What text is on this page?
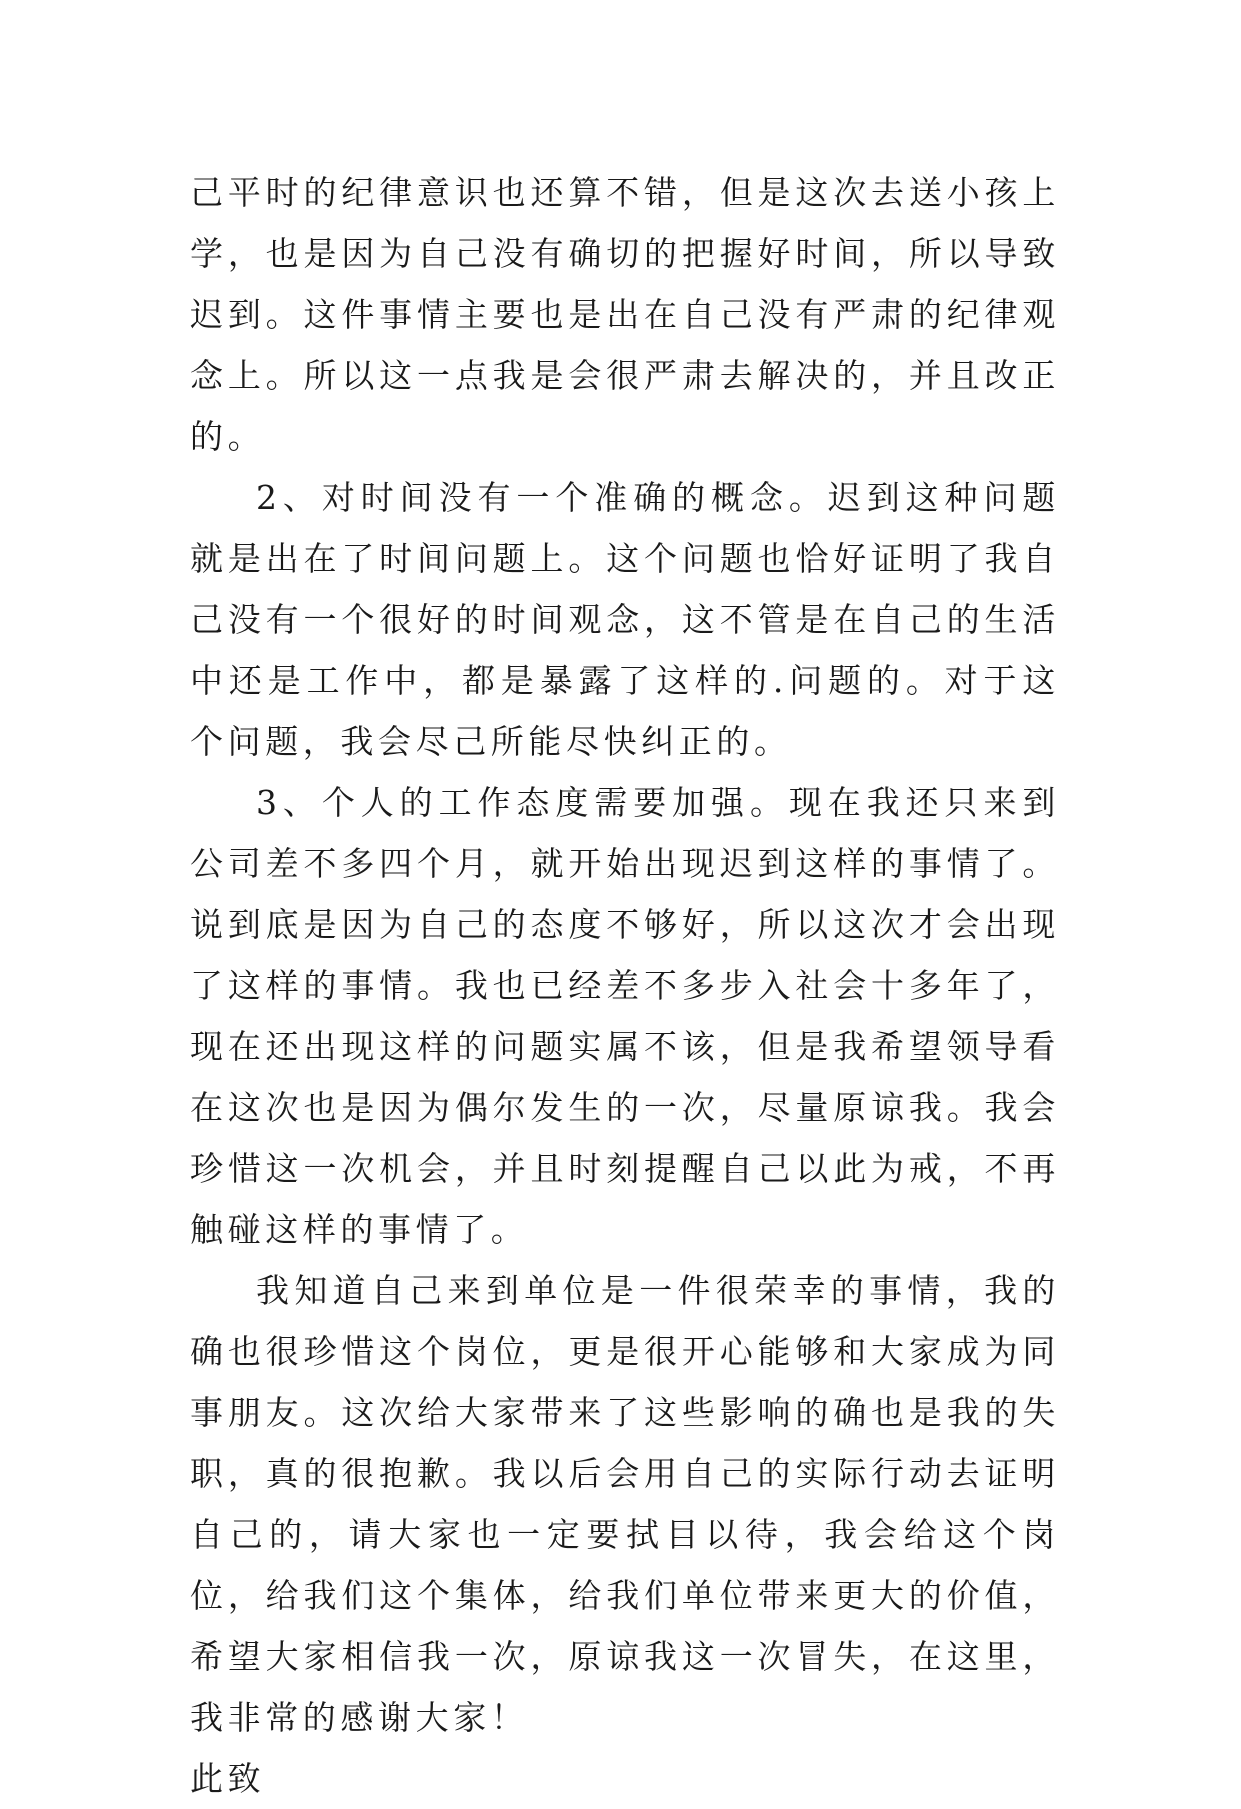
己平时的纪律意识也还算不错，但是这次去送小孩上学，也是因为自己没有确切的把握好时间，所以导致迟到。这件事情主要也是出在自己没有严肃的纪律观念上。所以这一点我是会很严肃去解决的，并且改正的。

2、对时间没有一个准确的概念。迟到这种问题就是出在了时间问题上。这个问题也恰好证明了我自己没有一个很好的时间观念，这不管是在自己的生活中还是工作中，都是暴露了这样的.问题的。对于这个问题，我会尽己所能尽快纠正的。

3、个人的工作态度需要加强。现在我还只来到公司差不多四个月，就开始出现迟到这样的事情了。说到底是因为自己的态度不够好，所以这次才会出现了这样的事情。我也已经差不多步入社会十多年了，现在还出现这样的问题实属不该，但是我希望领导看在这次也是因为偶尔发生的一次，尽量原谅我。我会珍惜这一次机会，并且时刻提醒自己以此为戒，不再触碰这样的事情了。

我知道自己来到单位是一件很荣幸的事情，我的确也很珍惜这个岗位，更是很开心能够和大家成为同事朋友。这次给大家带来了这些影响的确也是我的失职，真的很抱歉。我以后会用自己的实际行动去证明自己的，请大家也一定要拭目以待，我会给这个岗位，给我们这个集体，给我们单位带来更大的价值，希望大家相信我一次，原谅我这一次冒失，在这里，我非常的感谢大家！

此致
